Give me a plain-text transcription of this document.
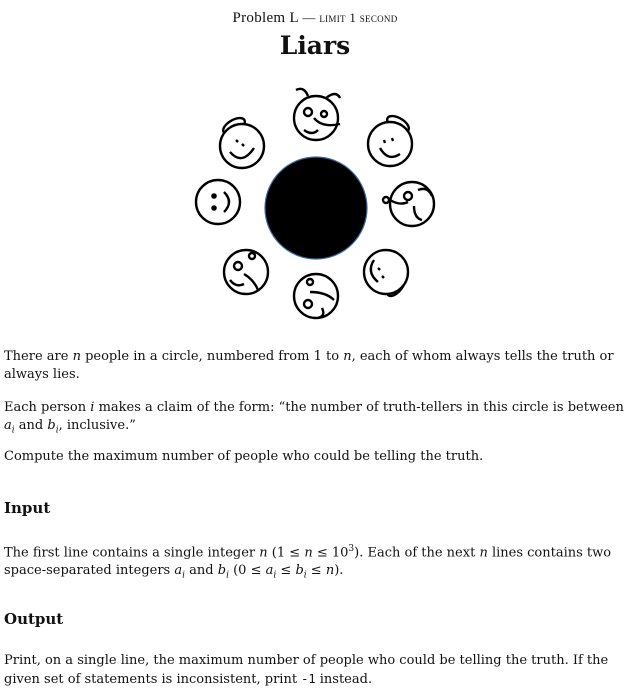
Problem L — limit 1 second
Liars
There are n people in a circle, numbered from 1 to n, each of whom always tells the truth or always lies.
Each person i makes a claim of the form: “the number of truth-tellers in this circle is between $a_i$ and $b_i$, inclusive.”
Compute the maximum number of people who could be telling the truth.
Input
The first line contains a single integer n $(1 \le n \le 10^3)$. Each of the next n lines contains two space-separated integers $a_i$ and $b_i$ $(0 \le a_i \le b_i \le n)$.
Output
Print, on a single line, the maximum number of people who could be telling the truth. If the given set of statements is inconsistent, print -1 instead.
